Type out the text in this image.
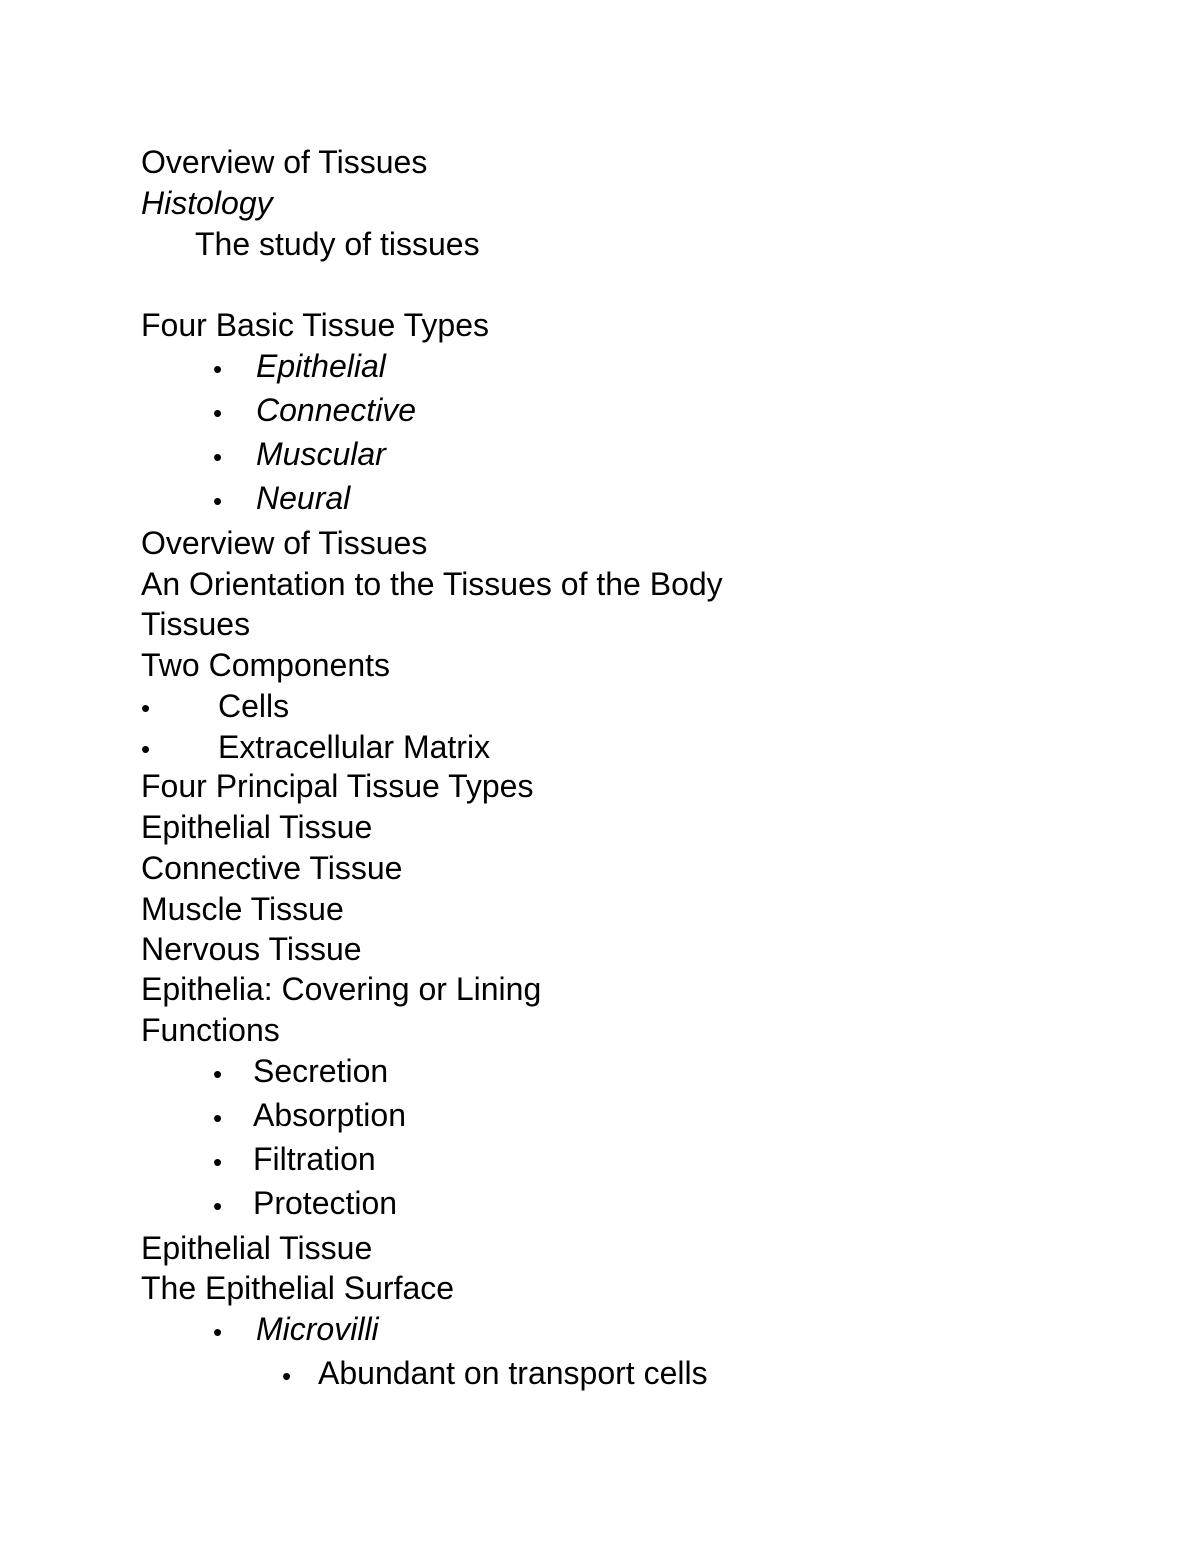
Overview of Tissues

Histology

The study of tissues

Four Basic Tissue Types

• Epithelial

• Connective

• Muscular

• Neural

Overview of Tissues

An Orientation to the Tissues of the Body

Tissues

Two Components

• Cells

• Extracellular Matrix

Four Principal Tissue Types

Epithelial Tissue

Connective Tissue

Muscle Tissue

Nervous Tissue

Epithelia: Covering or Lining

Functions

• Secretion

• Absorption

• Filtration

• Protection

Epithelial Tissue

The Epithelial Surface

• Microvilli

• Abundant on transport cells
